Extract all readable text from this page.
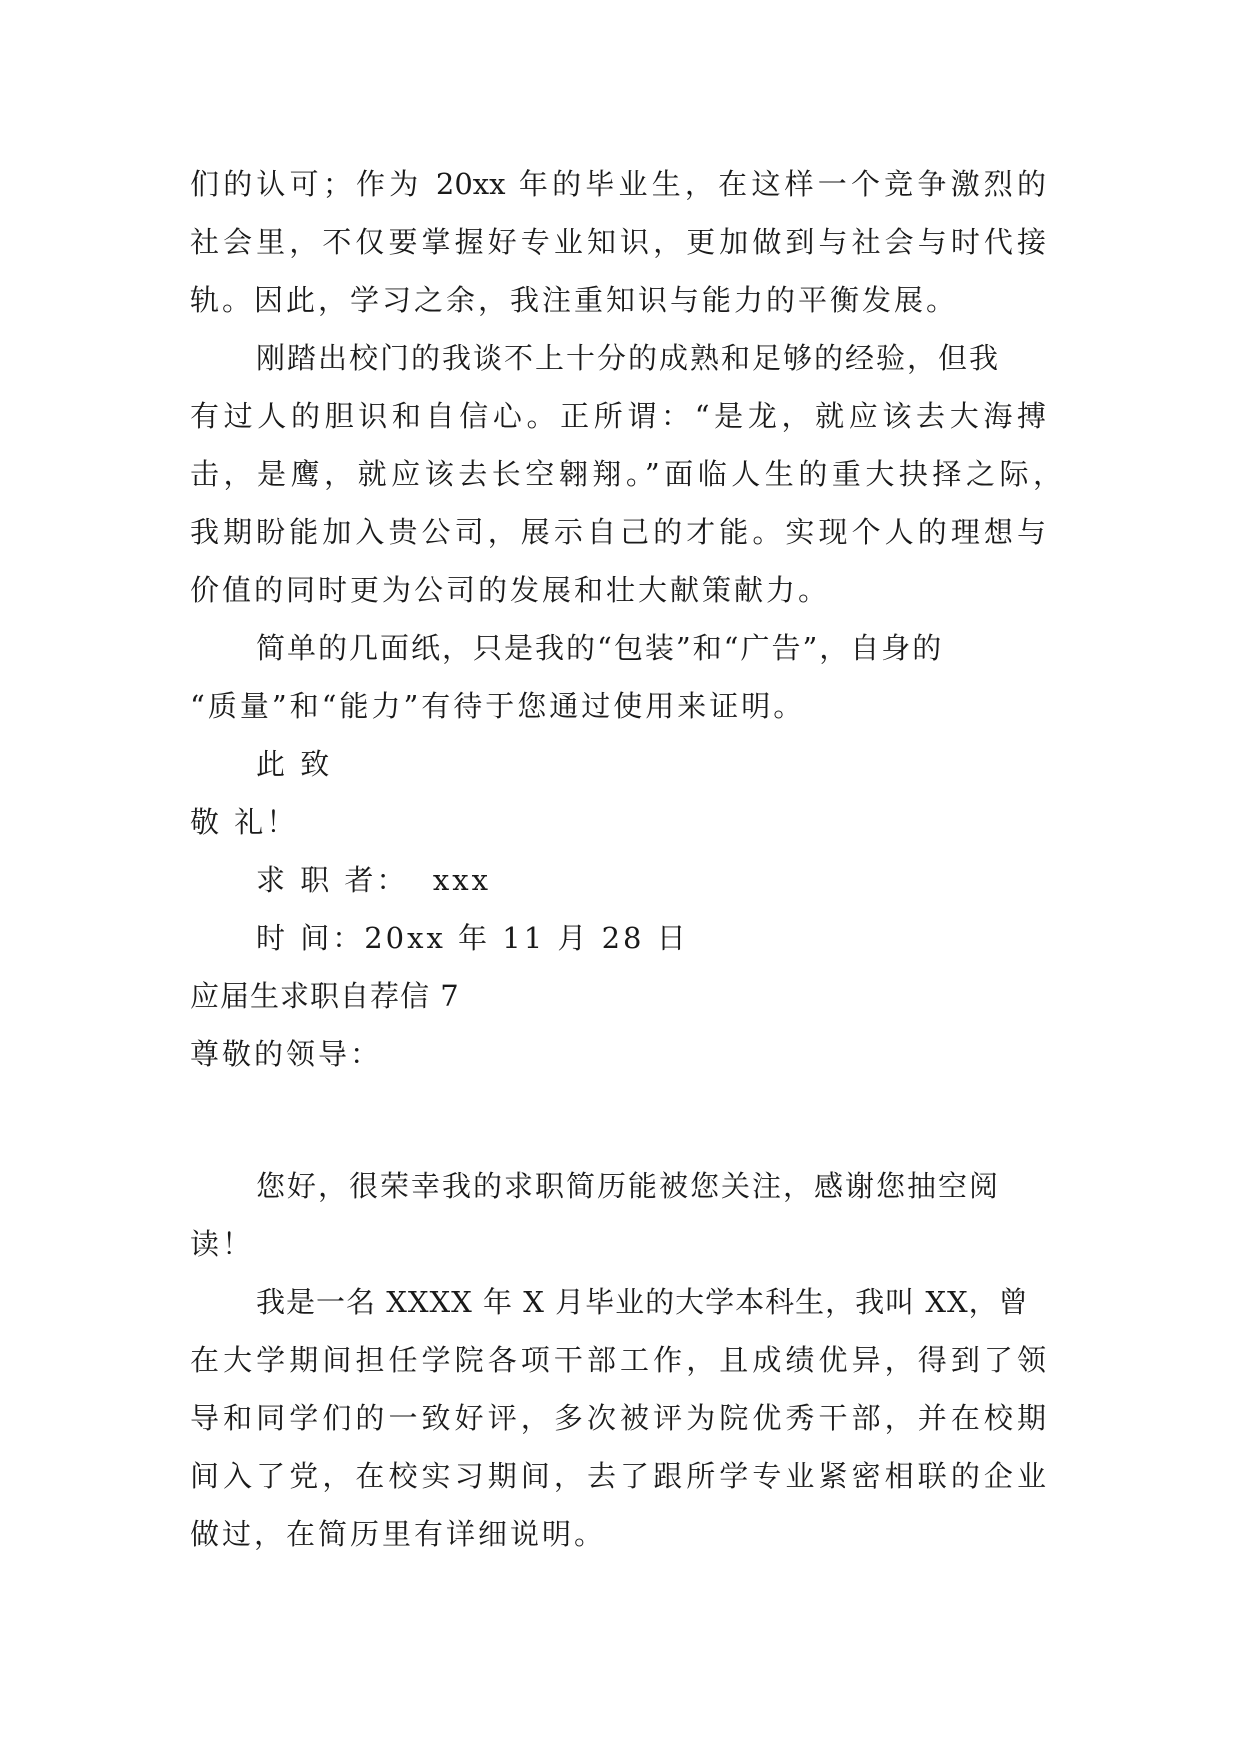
们的认可；作为 20xx 年的毕业生，在这样一个竞争激烈的
社会里，不仅要掌握好专业知识，更加做到与社会与时代接
轨。因此，学习之余，我注重知识与能力的平衡发展。
刚踏出校门的我谈不上十分的成熟和足够的经验，但我
有过人的胆识和自信心。正所谓：“是龙，就应该去大海搏
击，是鹰，就应该去长空翱翔。”面临人生的重大抉择之际，
我期盼能加入贵公司，展示自己的才能。实现个人的理想与
价值的同时更为公司的发展和壮大献策献力。
简单的几面纸，只是我的“包装”和“广告”，自身的
“质量”和“能力”有待于您通过使用来证明。
此 致
敬 礼！
求 职 者：  xxx
时 间：20xx 年 11 月 28 日
应届生求职自荐信 7
尊敬的领导：
您好，很荣幸我的求职简历能被您关注，感谢您抽空阅
读！
我是一名 XXXX 年 X 月毕业的大学本科生，我叫 XX，曾
在大学期间担任学院各项干部工作，且成绩优异，得到了领
导和同学们的一致好评，多次被评为院优秀干部，并在校期
间入了党，在校实习期间，去了跟所学专业紧密相联的企业
做过，在简历里有详细说明。
